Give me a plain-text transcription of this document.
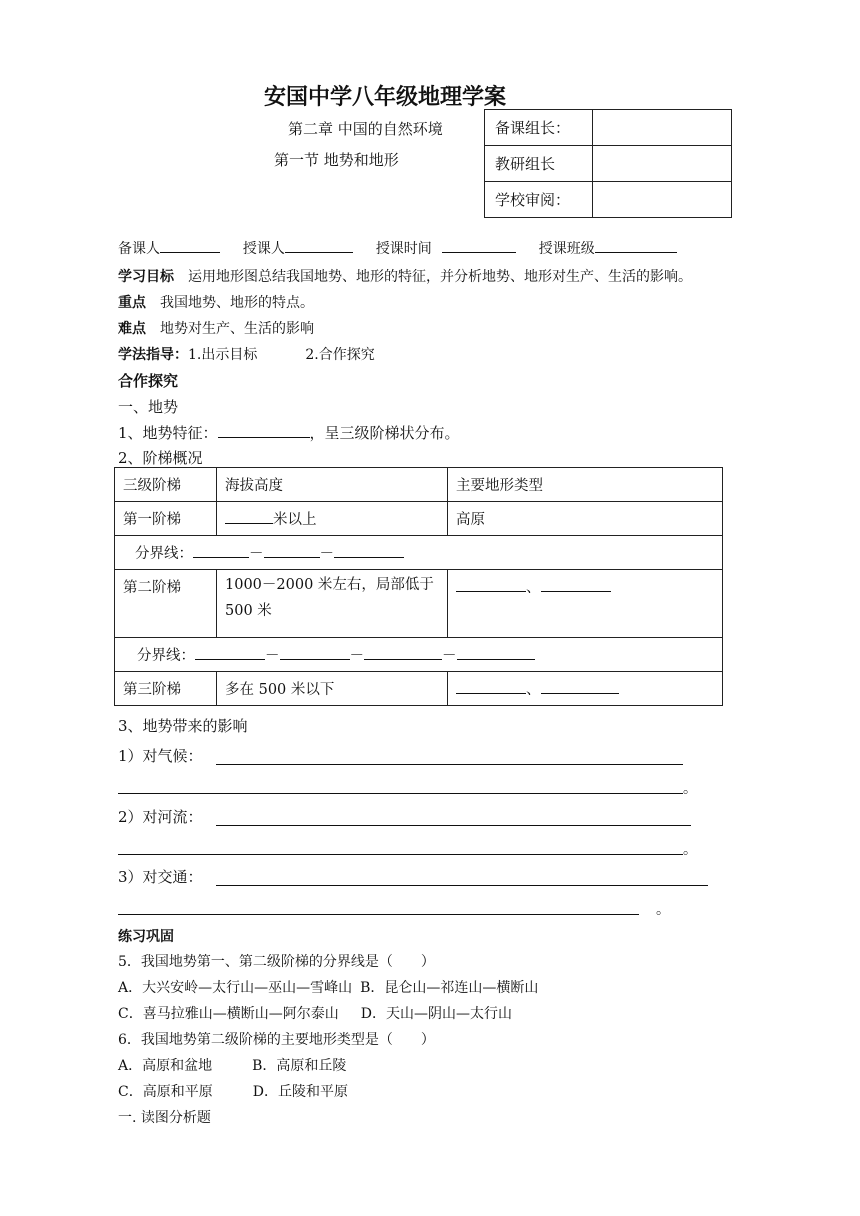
安国中学八年级地理学案
第二章 中国的自然环境
第一节 地势和地形
备课组长：	
教研组长	
学校审阅：	
备课人	授课人	授课时间	授课班级
学习目标 运用地形图总结我国地势、地形的特征，并分析地势、地形对生产、生活的影响。
重点 我国地势、地形的特点。
难点 地势对生产、生活的影响
学法指导：1.出示目标	2.合作探究
合作探究
一、地势
1、地势特征：	，呈三级阶梯状分布。
2、阶梯概况
三级阶梯	海拔高度	主要地形类型
第一阶梯	米以上	高原
分界线： － －		
第二阶梯	1000－2000 米左右，局部低于 500 米	、
分界线： － － －		
第三阶梯	多在 500 米以下	、
3、地势带来的影响
1）对气候：
。
2）对河流：
。
3）对交通：
。
练习巩固
5．我国地势第一、第二级阶梯的分界线是（　　）
A．大兴安岭—太行山—巫山—雪峰山 B．昆仑山—祁连山—横断山
C．喜马拉雅山—横断山—阿尔泰山 D．天山—阴山—太行山
6．我国地势第二级阶梯的主要地形类型是（　　）
A．高原和盆地	B．高原和丘陵
C．高原和平原	D．丘陵和平原
一. 读图分析题
